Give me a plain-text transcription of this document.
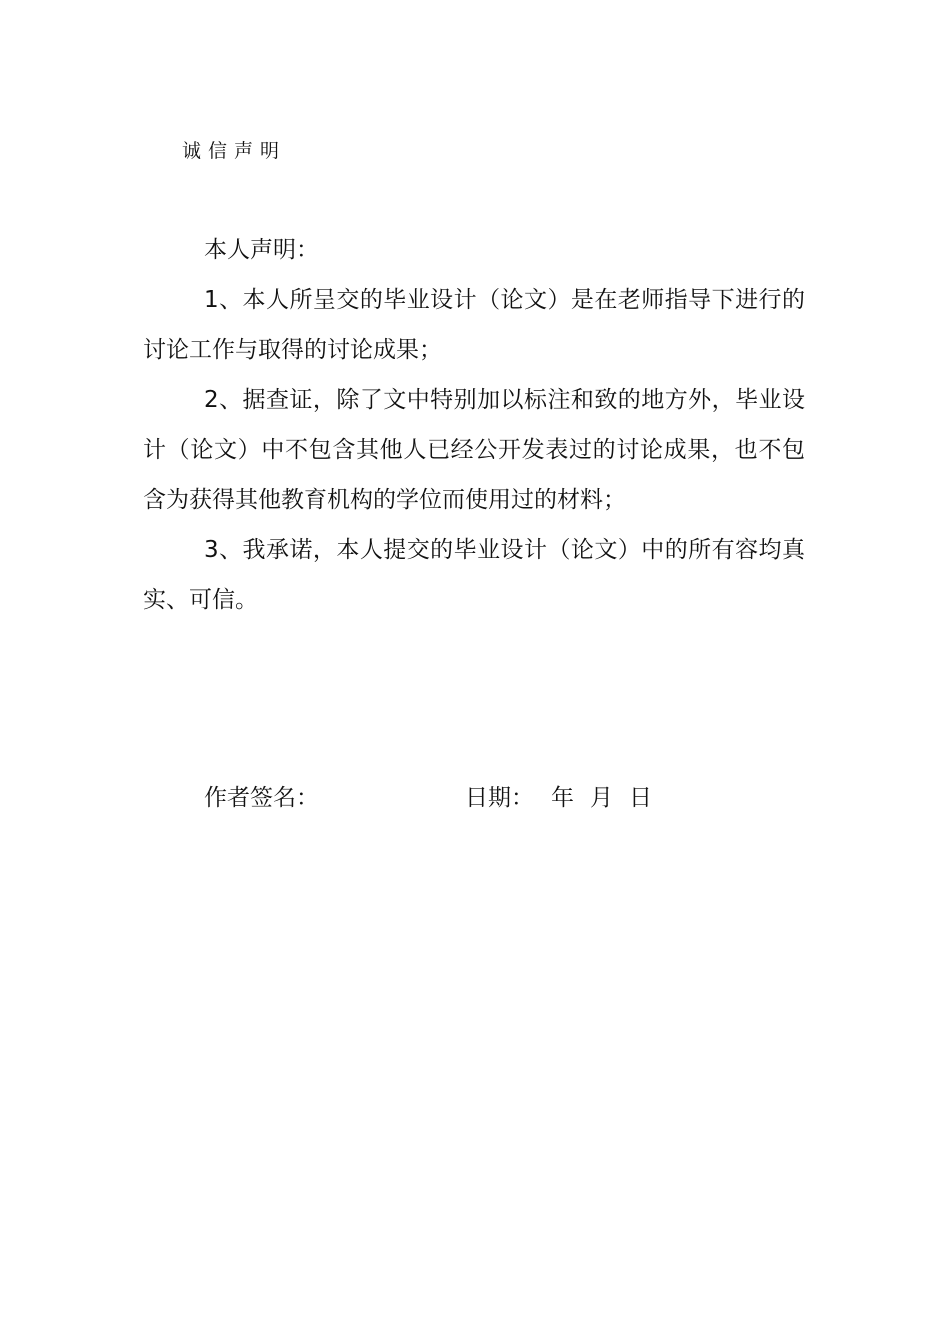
诚信声明

本人声明：

1、本人所呈交的毕业设计（论文）是在老师指导下进行的讨论工作与取得的讨论成果；

2、据查证，除了文中特别加以标注和致的地方外，毕业设计（论文）中不包含其他人已经公开发表过的讨论成果，也不包含为获得其他教育机构的学位而使用过的材料；

3、我承诺，本人提交的毕业设计（论文）中的所有容均真实、可信。

作者签名：	日期： 年 月 日
